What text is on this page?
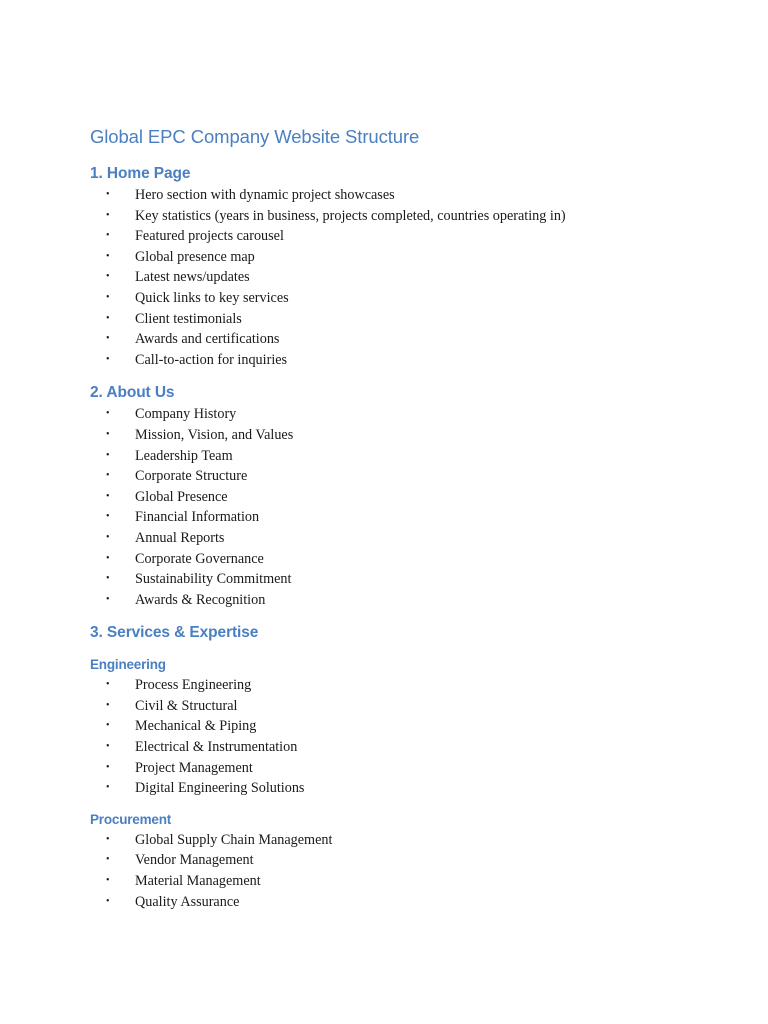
Global EPC Company Website Structure
1. Home Page
• Hero section with dynamic project showcases
• Key statistics (years in business, projects completed, countries operating in)
• Featured projects carousel
• Global presence map
• Latest news/updates
• Quick links to key services
• Client testimonials
• Awards and certifications
• Call-to-action for inquiries
2. About Us
• Company History
• Mission, Vision, and Values
• Leadership Team
• Corporate Structure
• Global Presence
• Financial Information
• Annual Reports
• Corporate Governance
• Sustainability Commitment
• Awards & Recognition
3. Services & Expertise
Engineering
• Process Engineering
• Civil & Structural
• Mechanical & Piping
• Electrical & Instrumentation
• Project Management
• Digital Engineering Solutions
Procurement
• Global Supply Chain Management
• Vendor Management
• Material Management
• Quality Assurance
